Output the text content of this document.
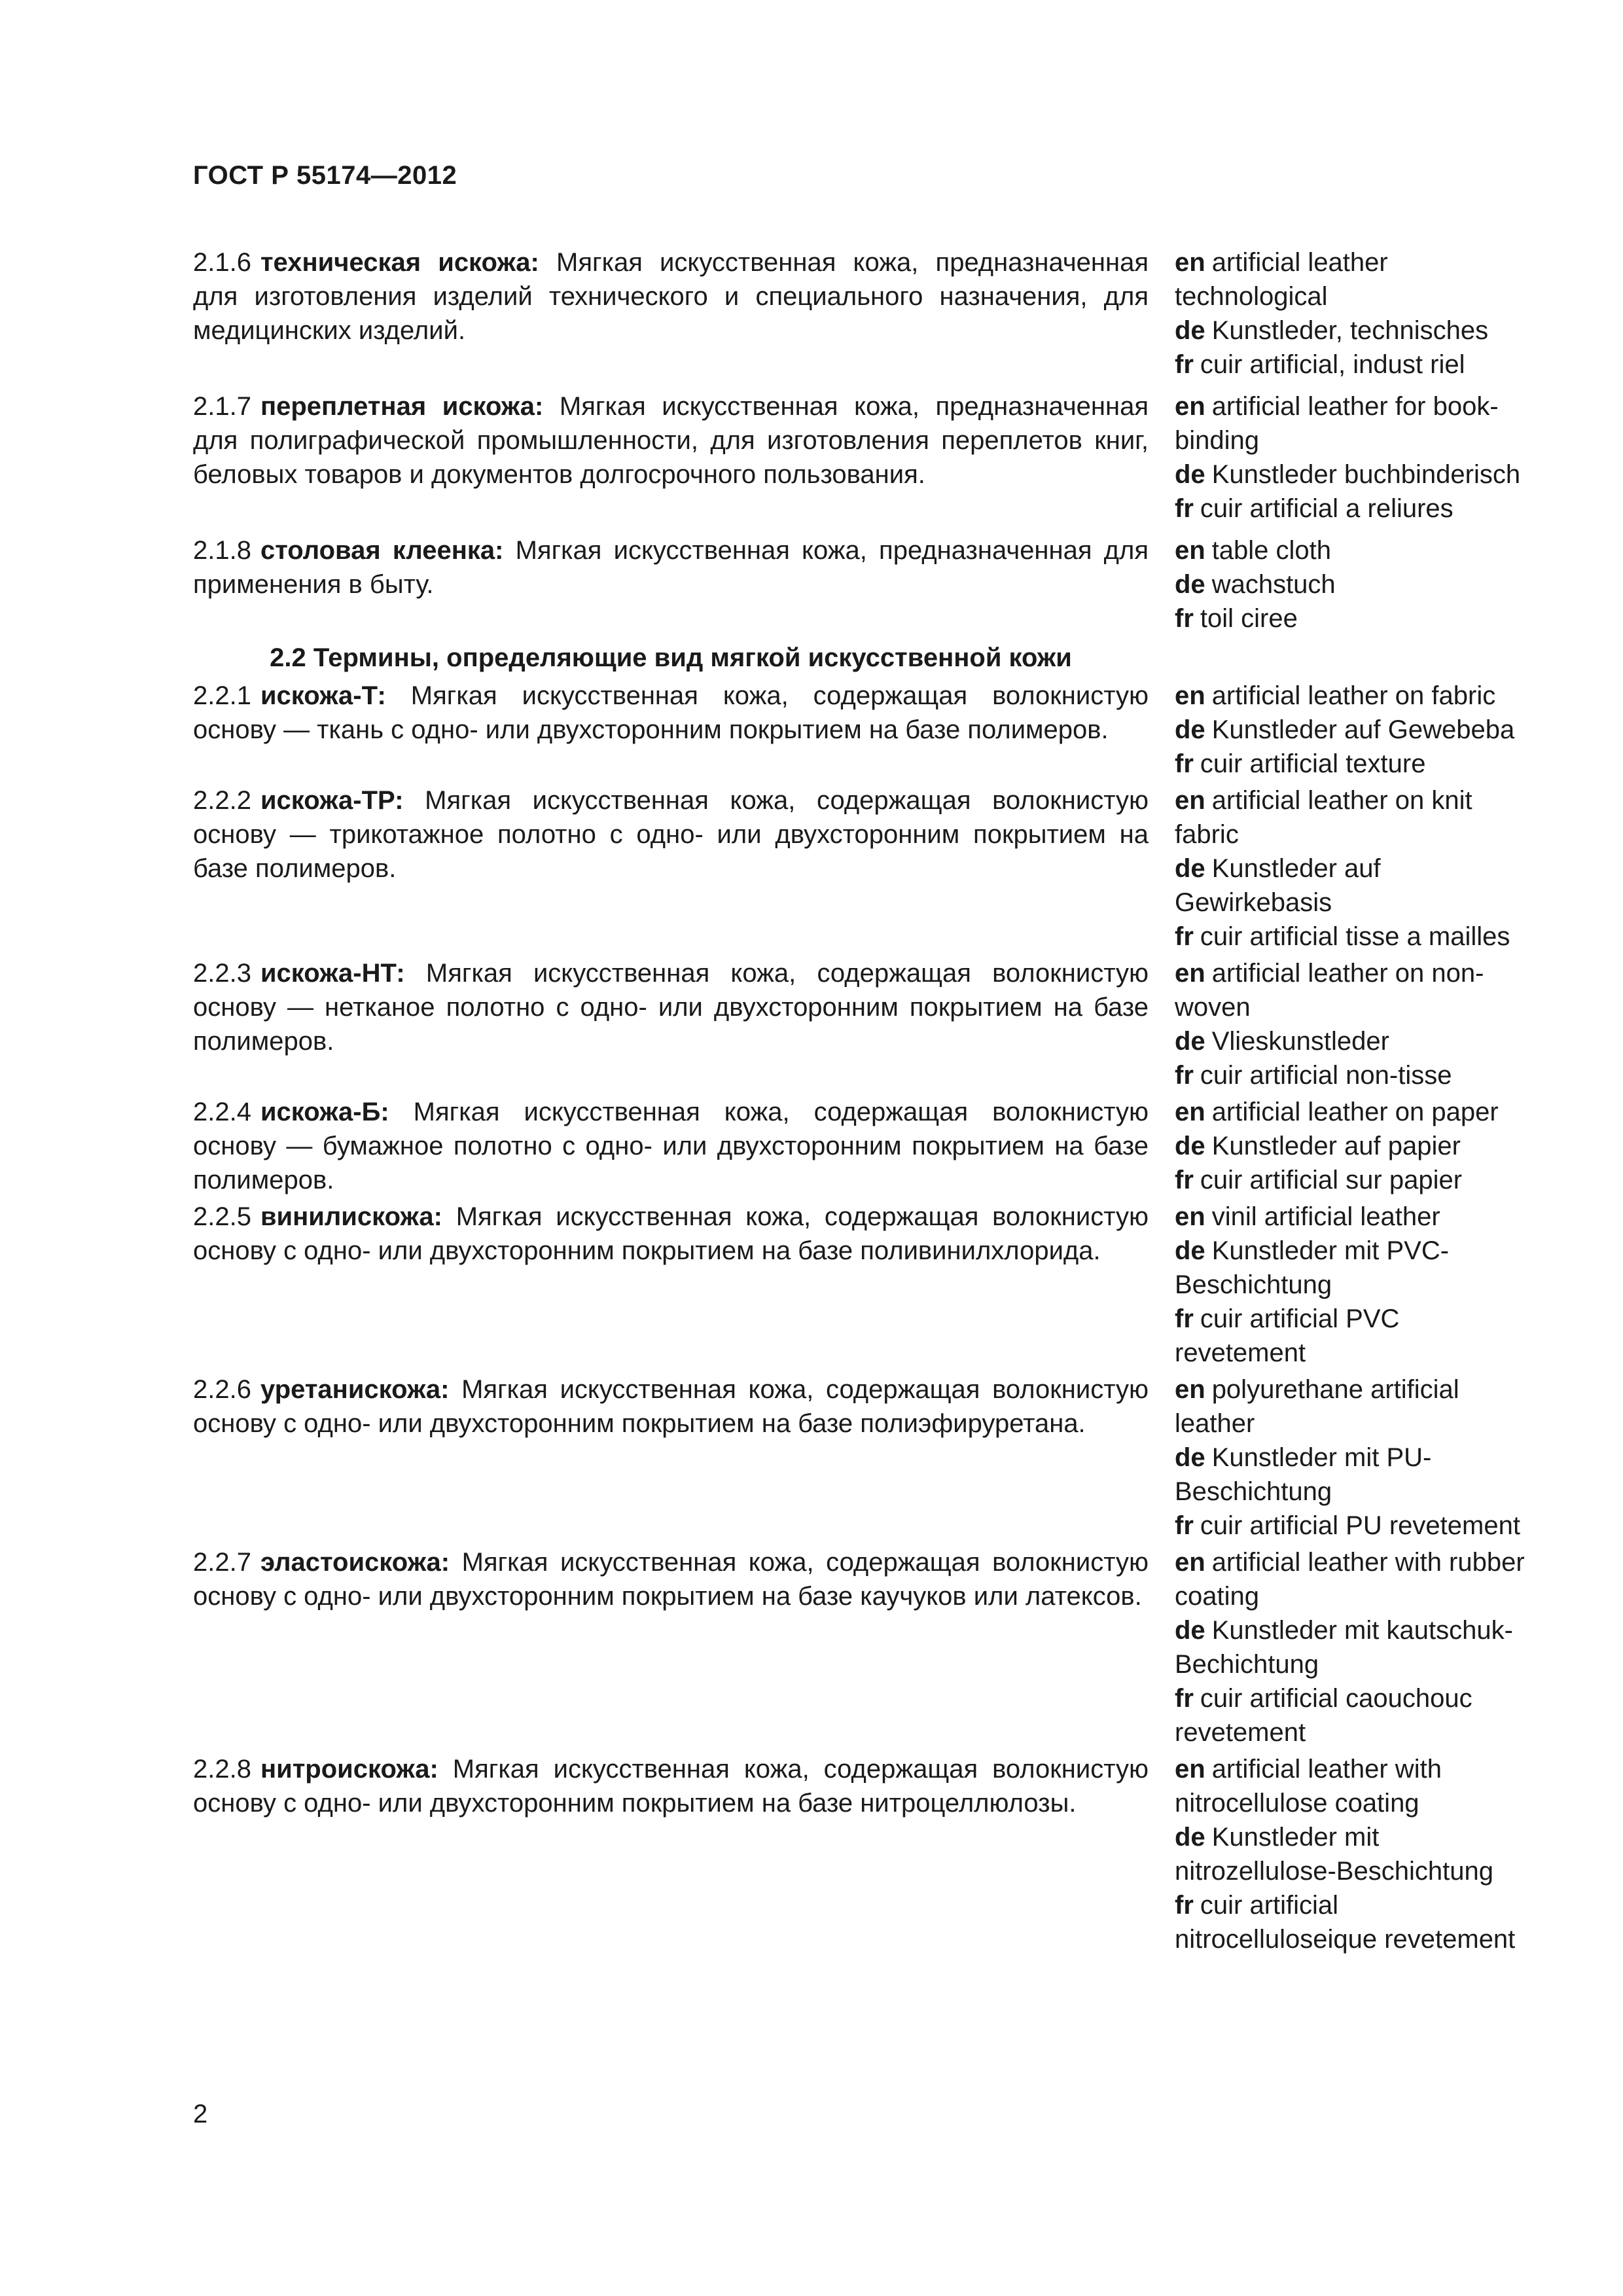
ГОСТ Р 55174—2012
2.1.6 техническая искожа: Мягкая искусственная кожа, предназначенная для изготовления изделий технического и специального назначения, для медицинских изделий.
en artificial leather technological
de Kunstleder, technisches
fr cuir artificial, indust riel
2.1.7 переплетная искожа: Мягкая искусственная кожа, предназначенная для полиграфической промышленности, для изготовления переплетов книг, беловых товаров и документов долгосрочного пользования.
en artificial leather for book-binding
de Kunstleder buchbinderisch
fr cuir artificial a reliures
2.1.8 столовая клеенка: Мягкая искусственная кожа, предназначенная для применения в быту.
en table cloth
de wachstuch
fr toil ciree
2.2 Термины, определяющие вид мягкой искусственной кожи
2.2.1 искожа-Т: Мягкая искусственная кожа, содержащая волокнистую основу — ткань с одно- или двухсторонним покрытием на базе полимеров.
en artificial leather on fabric
de Kunstleder auf Gewebeba
fr cuir artificial texture
2.2.2 искожа-ТР: Мягкая искусственная кожа, содержащая волокнистую основу — трикотажное полотно с одно- или двухсторонним покрытием на базе полимеров.
en artificial leather on knit fabric
de Kunstleder auf Gewirkebasis
fr cuir artificial tisse a mailles
2.2.3 искожа-НТ: Мягкая искусственная кожа, содержащая волокнистую основу — нетканое полотно с одно- или двухсторонним покрытием на базе полимеров.
en artificial leather on non-woven
de Vlieskunstleder
fr cuir artificial non-tisse
2.2.4 искожа-Б: Мягкая искусственная кожа, содержащая волокнистую основу — бумажное полотно с одно- или двухсторонним покрытием на базе полимеров.
en artificial leather on paper
de Kunstleder auf papier
fr cuir artificial sur papier
2.2.5 винилискожа: Мягкая искусственная кожа, содержащая волокнистую основу с одно- или двухсторонним покрытием на базе поливинилхлорида.
en vinil artificial leather
de Kunstleder mit PVC-Beschichtung
fr cuir artificial PVC revetement
2.2.6 уретанискожа: Мягкая искусственная кожа, содержащая волокнистую основу с одно- или двухсторонним покрытием на базе полиэфируретана.
en polyurethane artificial leather
de Kunstleder mit PU-Beschichtung
fr cuir artificial PU revetement
2.2.7 эластоискожа: Мягкая искусственная кожа, содержащая волокнистую основу с одно- или двухсторонним покрытием на базе каучуков или латексов.
en artificial leather with rubber coating
de Kunstleder mit kautschuk-Bechichtung
fr cuir artificial caouchouc revetement
2.2.8 нитроискожа: Мягкая искусственная кожа, содержащая волокнистую основу с одно- или двухсторонним покрытием на базе нитроцеллюлозы.
en artificial leather with nitrocellulose coating
de Kunstleder mit nitrozellulose-Beschichtung
fr cuir artificial nitrocelluloseique revetement
2
